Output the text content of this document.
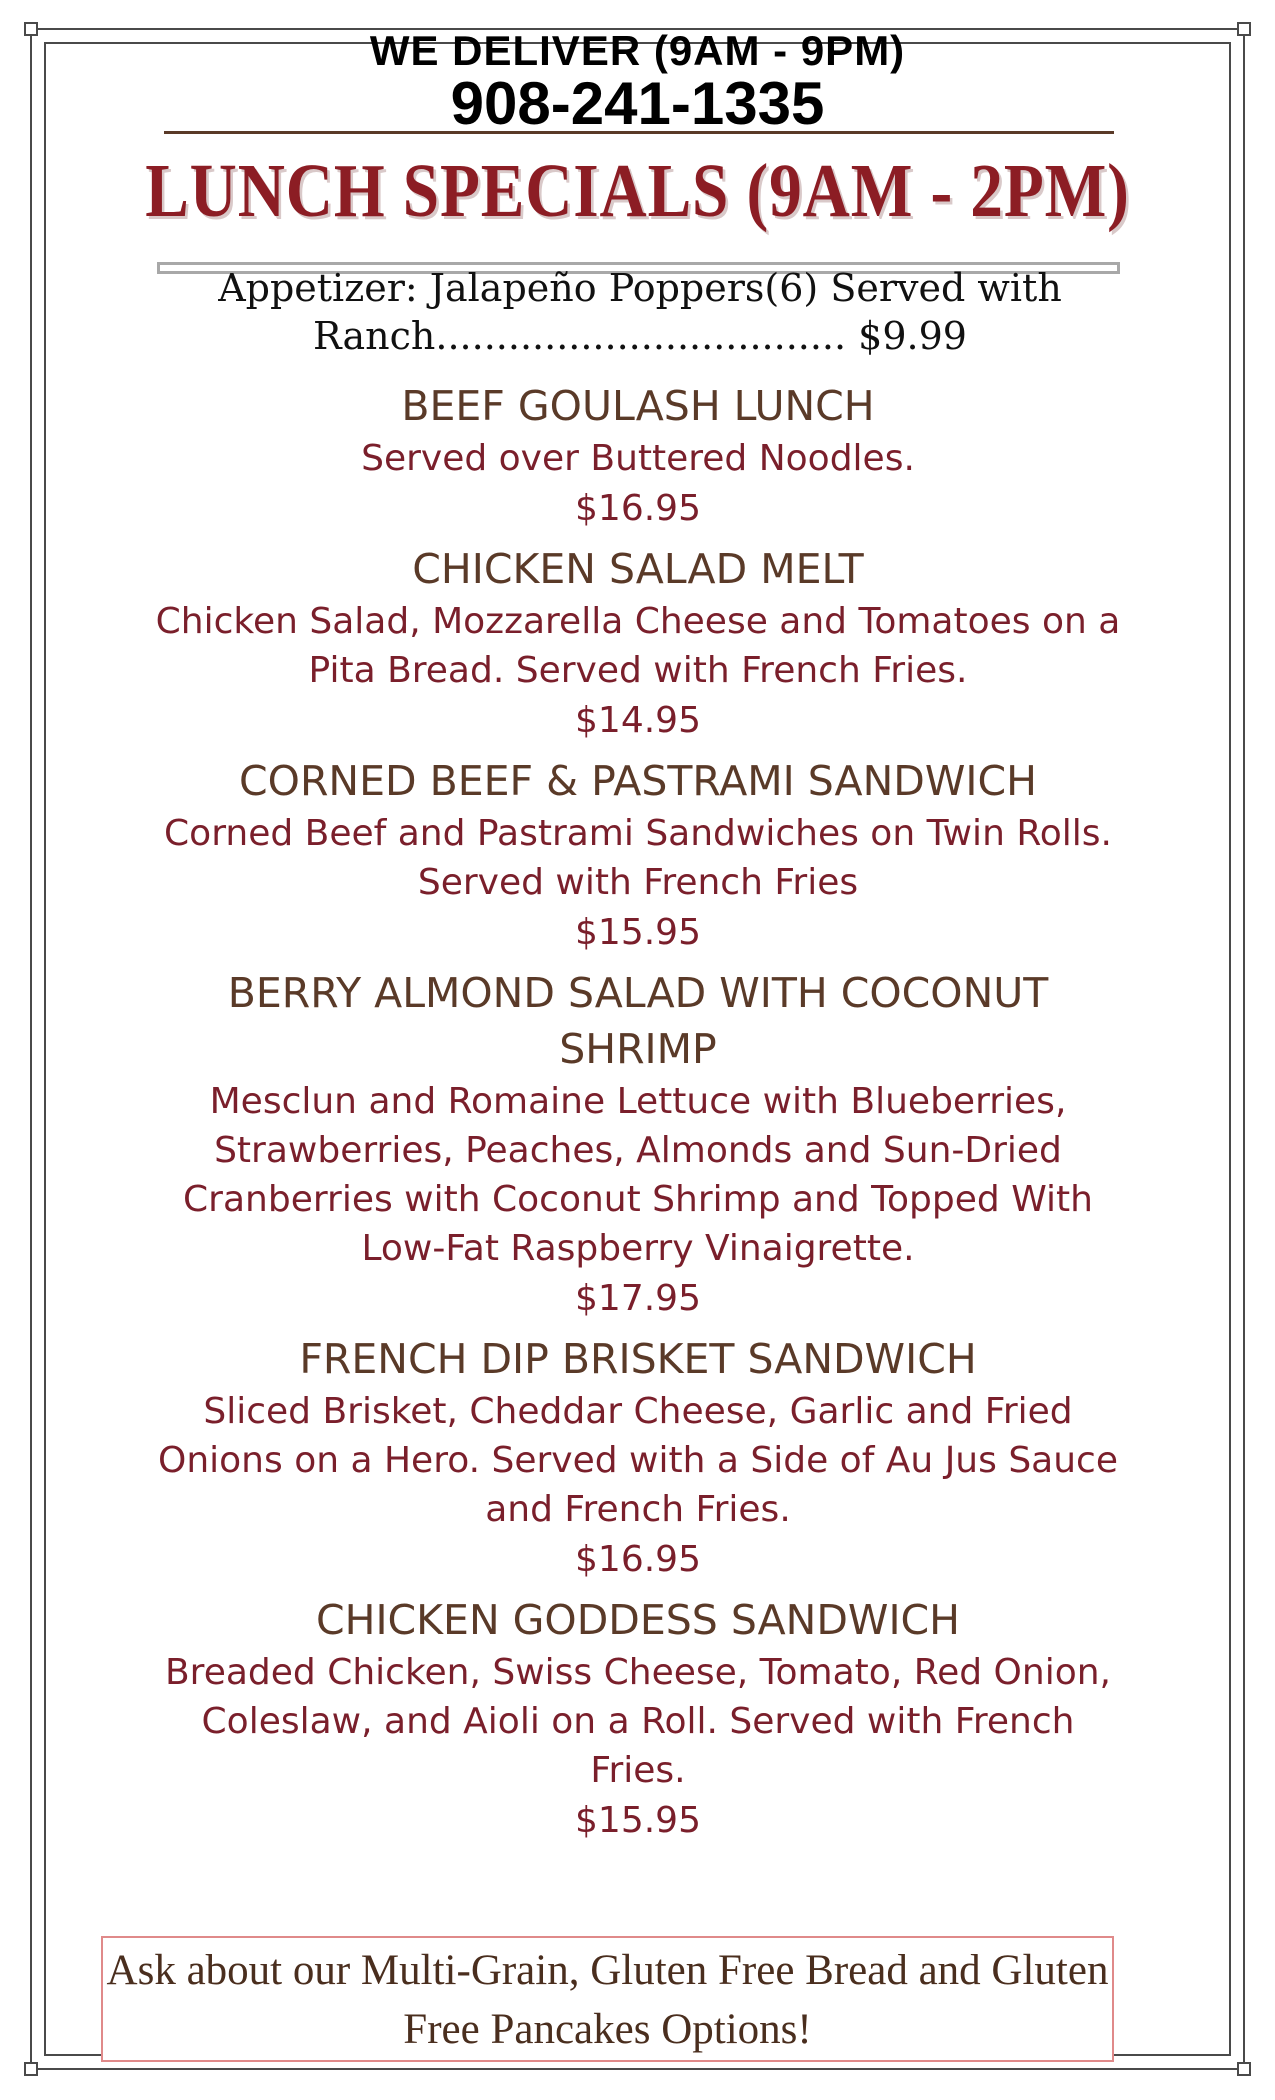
WE DELIVER (9AM - 9PM)
908-241-1335
LUNCH SPECIALS (9AM - 2PM)
Appetizer: Jalapeño Poppers(6) Served with Ranch.................................. $9.99
BEEF GOULASH LUNCH
Served over Buttered Noodles.
$16.95
CHICKEN SALAD MELT
Chicken Salad, Mozzarella Cheese and Tomatoes on a Pita Bread. Served with French Fries.
$14.95
CORNED BEEF & PASTRAMI SANDWICH
Corned Beef and Pastrami Sandwiches on Twin Rolls. Served with French Fries
$15.95
BERRY ALMOND SALAD WITH COCONUT SHRIMP
Mesclun and Romaine Lettuce with Blueberries, Strawberries, Peaches, Almonds and Sun-Dried Cranberries with Coconut Shrimp and Topped With Low-Fat Raspberry Vinaigrette.
$17.95
FRENCH DIP BRISKET SANDWICH
Sliced Brisket, Cheddar Cheese, Garlic and Fried Onions on a Hero. Served with a Side of Au Jus Sauce and French Fries.
$16.95
CHICKEN GODDESS SANDWICH
Breaded Chicken, Swiss Cheese, Tomato, Red Onion, Coleslaw, and Aioli on a Roll. Served with French Fries.
$15.95
Ask about our Multi-Grain, Gluten Free Bread and Gluten Free Pancakes Options!
